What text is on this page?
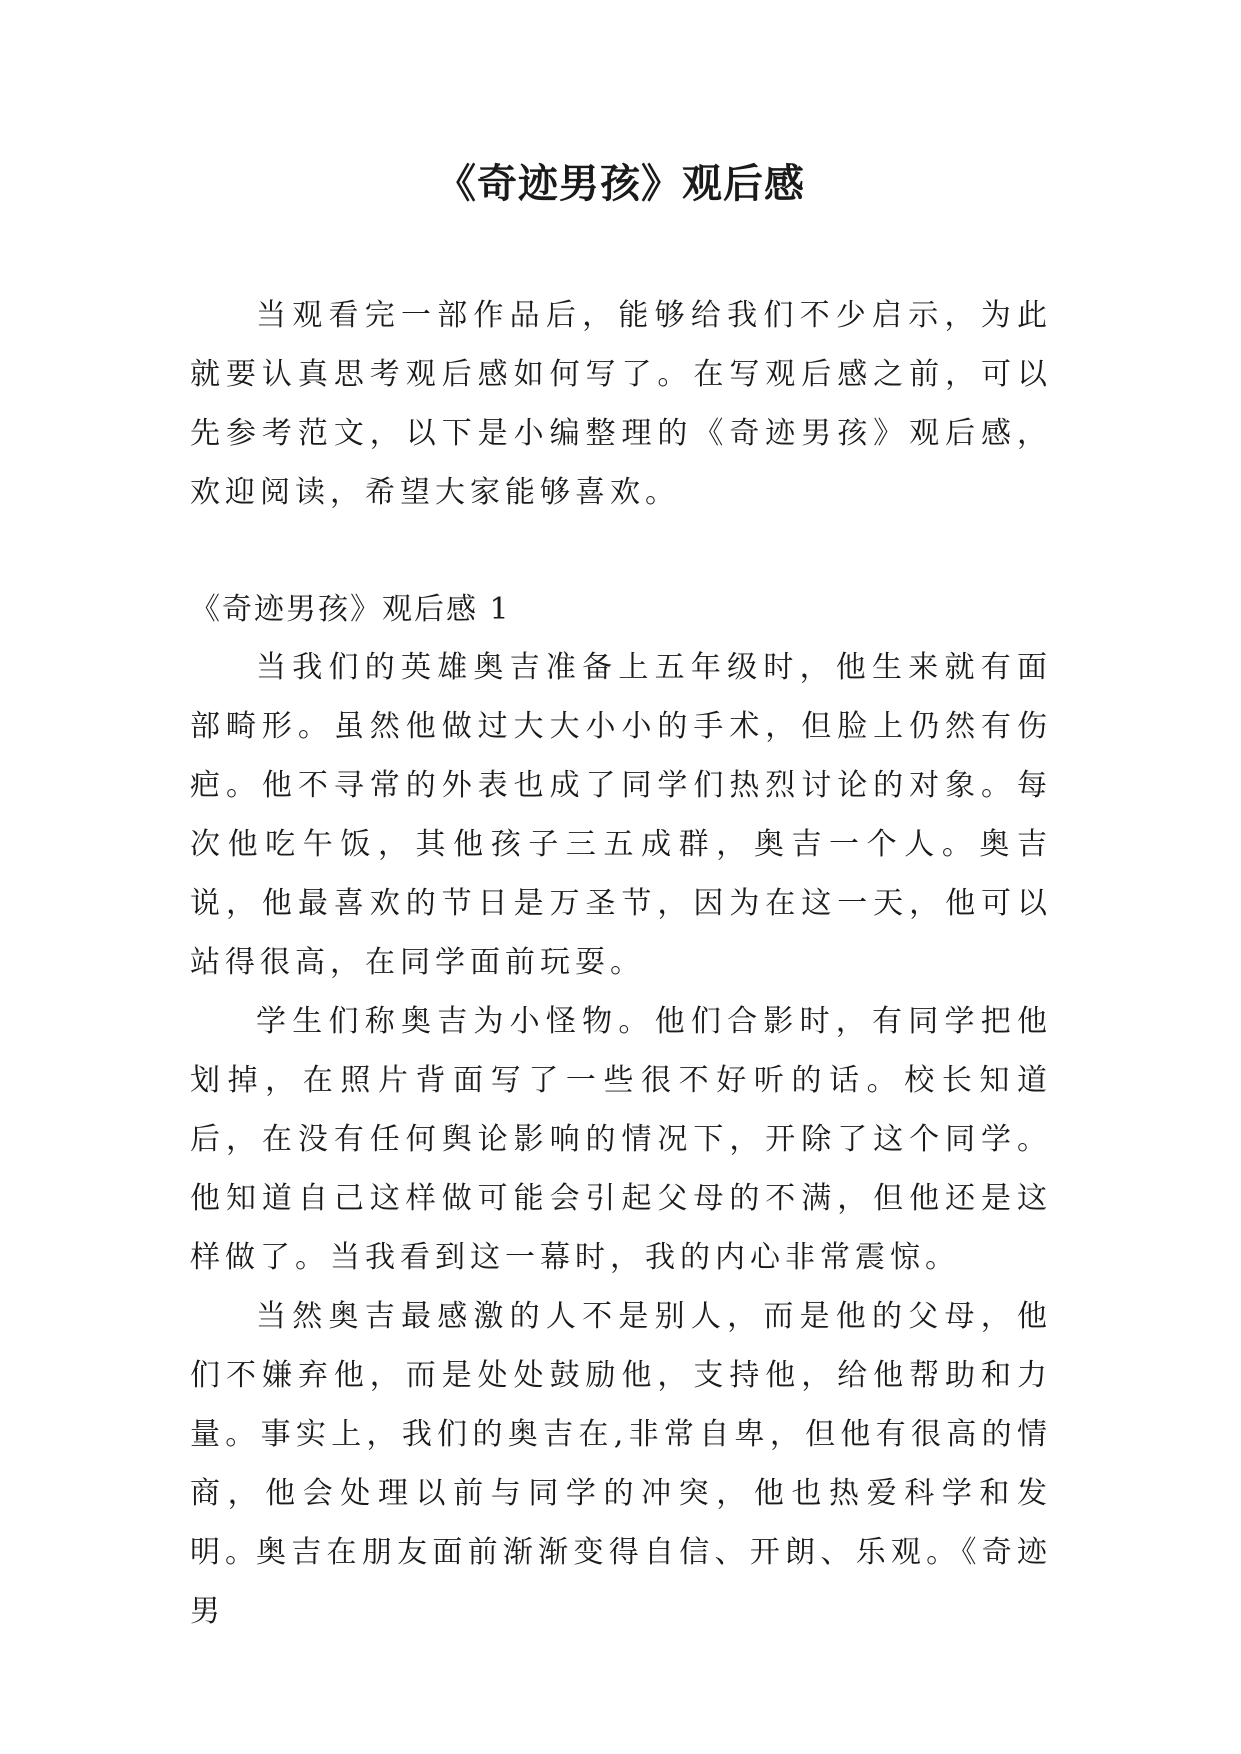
《奇迹男孩》观后感

当观看完一部作品后，能够给我们不少启示，为此就要认真思考观后感如何写了。在写观后感之前，可以先参考范文，以下是小编整理的《奇迹男孩》观后感，欢迎阅读，希望大家能够喜欢。

《奇迹男孩》观后感 1

当我们的英雄奥吉准备上五年级时，他生来就有面部畸形。虽然他做过大大小小的手术，但脸上仍然有伤疤。他不寻常的外表也成了同学们热烈讨论的对象。每次他吃午饭，其他孩子三五成群，奥吉一个人。奥吉说，他最喜欢的节日是万圣节，因为在这一天，他可以站得很高，在同学面前玩耍。

学生们称奥吉为小怪物。他们合影时，有同学把他划掉，在照片背面写了一些很不好听的话。校长知道后，在没有任何舆论影响的情况下，开除了这个同学。他知道自己这样做可能会引起父母的不满，但他还是这样做了。当我看到这一幕时，我的内心非常震惊。

当然奥吉最感激的人不是别人，而是他的父母，他们不嫌弃他，而是处处鼓励他，支持他，给他帮助和力量。事实上，我们的奥吉在,非常自卑，但他有很高的情商，他会处理以前与同学的冲突，他也热爱科学和发明。

奥吉在朋友面前渐渐变得自信、开朗、乐观。《奇迹男
